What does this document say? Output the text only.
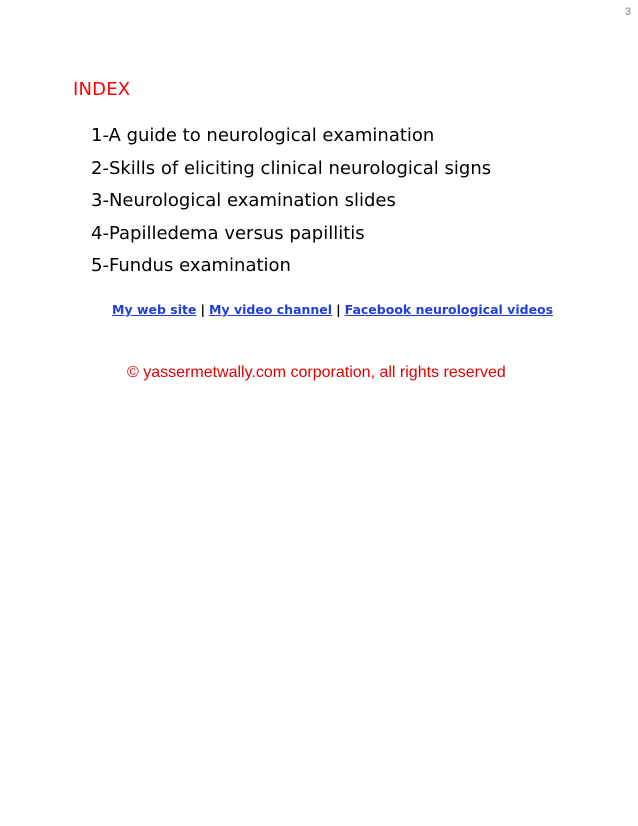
3
INDEX
1-A guide to neurological examination
2-Skills of eliciting clinical neurological signs
3-Neurological examination slides
4-Papilledema versus papillitis
5-Fundus examination
My web site | My video channel | Facebook neurological videos
© yassermetwally.com corporation, all rights reserved
